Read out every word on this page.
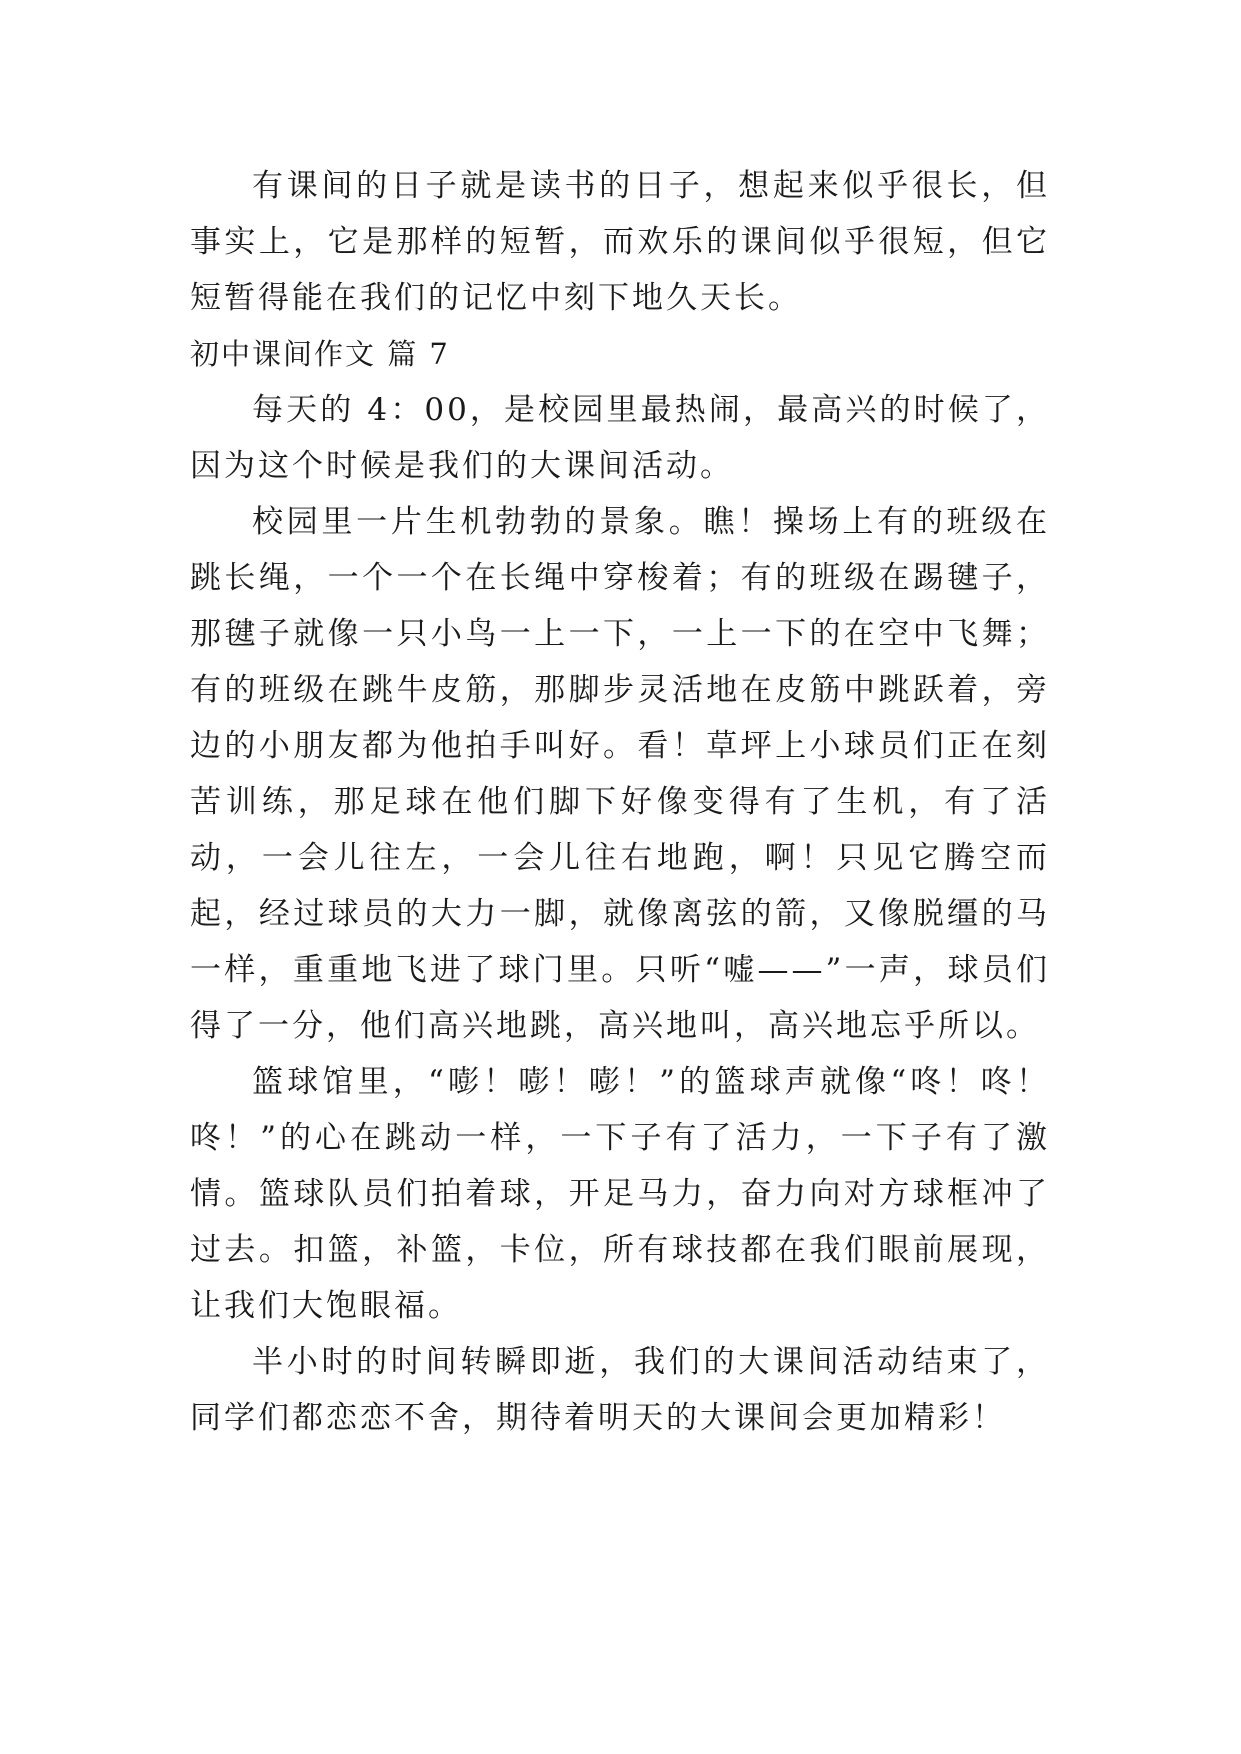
有课间的日子就是读书的日子，想起来似乎很长，但事实上，它是那样的短暂，而欢乐的课间似乎很短，但它短暂得能在我们的记忆中刻下地久天长。

初中课间作文 篇 7

每天的 4：00，是校园里最热闹，最高兴的时候了，因为这个时候是我们的大课间活动。

校园里一片生机勃勃的景象。瞧！操场上有的班级在跳长绳，一个一个在长绳中穿梭着；有的班级在踢毽子，那毽子就像一只小鸟一上一下，一上一下的在空中飞舞；有的班级在跳牛皮筋，那脚步灵活地在皮筋中跳跃着，旁边的小朋友都为他拍手叫好。看！草坪上小球员们正在刻苦训练，那足球在他们脚下好像变得有了生机，有了活动，一会儿往左，一会儿往右地跑，啊！只见它腾空而起，经过球员的大力一脚，就像离弦的箭，又像脱缰的马一样，重重地飞进了球门里。只听“嘘——”一声，球员们得了一分，他们高兴地跳，高兴地叫，高兴地忘乎所以。

篮球馆里，“嘭！嘭！嘭！”的篮球声就像“咚！咚！咚！”的心在跳动一样，一下子有了活力，一下子有了激情。篮球队员们拍着球，开足马力，奋力向对方球框冲了过去。扣篮，补篮，卡位，所有球技都在我们眼前展现，让我们大饱眼福。

半小时的时间转瞬即逝，我们的大课间活动结束了，同学们都恋恋不舍，期待着明天的大课间会更加精彩！
